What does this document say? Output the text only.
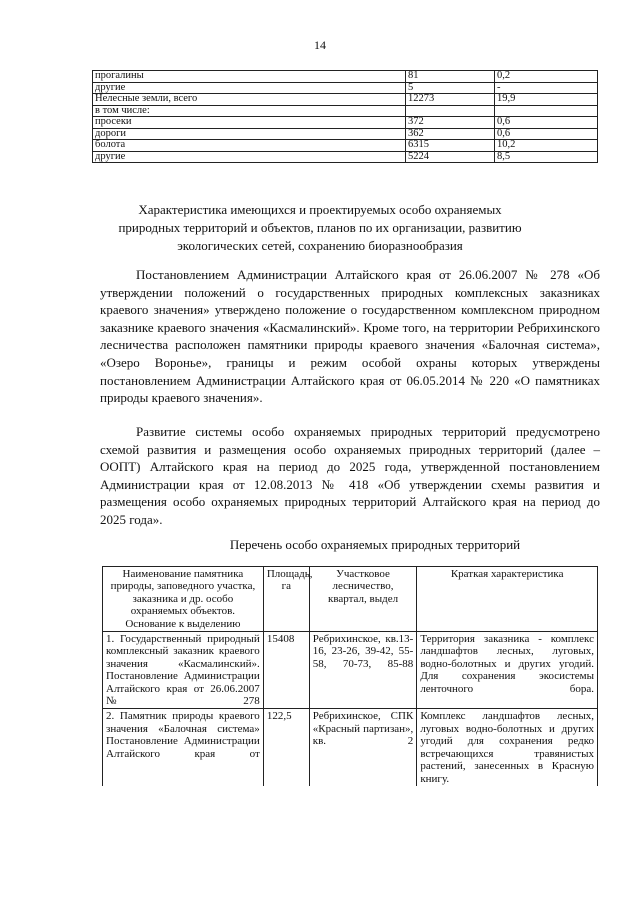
14
прогалины	81	0,2
другие	5	-
Нелесные земли, всего	12273	19,9
в том числе:		
просеки	372	0,6
дороги	362	0,6
болота	6315	10,2
другие	5224	8,5
Характеристика имеющихся и проектируемых особо охраняемых
природных территорий и объектов, планов по их организации, развитию
экологических сетей, сохранению биоразнообразия

Постановлением Администрации Алтайского края от 26.06.2007 № 278 «Об утверждении положений о государственных природных комплексных заказниках краевого значения» утверждено положение о государственном комплексном природном заказнике краевого значения «Касмалинский». Кроме того, на территории Ребрихинского лесничества расположен памятники природы краевого значения «Балочная система», «Озеро Воронье», границы и режим особой охраны которых утверждены постановлением Администрации Алтайского края от 06.05.2014 № 220 «О памятниках природы краевого значения».

Развитие системы особо охраняемых природных территорий предусмотрено схемой развития и размещения особо охраняемых природных территорий (далее – ООПТ) Алтайского края на период до 2025 года, утвержденной постановлением Администрации края от 12.08.2013 № 418 «Об утверждении схемы развития и размещения особо охраняемых природных территорий Алтайского края на период до 2025 года».

Перечень особо охраняемых природных территорий
Наименование памятника природы, заповедного участка, заказника и др. особо охраняемых объектов. Основание к выделению	Площадь, га	Участковое лесничество, квартал, выдел	Краткая характеристика
1. Государственный природный комплексный заказник краевого значения «Касмалинский». Постановление Администрации Алтайского края от 26.06.2007 № 278	15408	Ребрихинское, кв.13-16, 23-26, 39-42, 55-58, 70-73, 85-88	Территория заказника - комплекс ландшафтов лесных, луговых, водно-болотных и других угодий. Для сохранения экосистемы ленточного бора.
2. Памятник природы краевого значения «Балочная система» Постановление Администрации Алтайского края от	122,5	Ребрихинское, СПК «Красный партизан», кв. 2	Комплекс ландшафтов лесных, луговых водно-болотных и других угодий для сохранения редко встречающихся травянистых растений, занесенных в Красную книгу.
